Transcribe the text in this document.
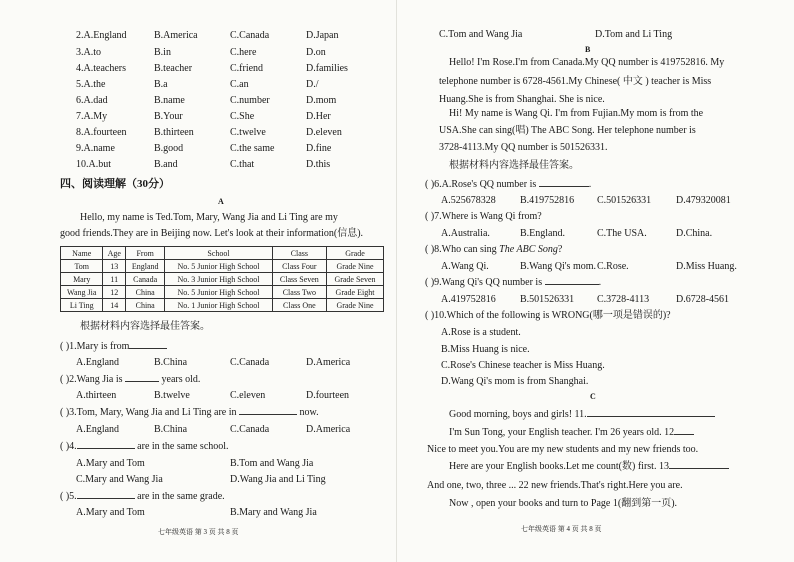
2.A.England	B.America	C.Canada	D.Japan
3.A.to	B.in	C.here	D.on
4.A.teachers	B.teacher	C.friend	D.families
5.A.the	B.a	C.an	D./
6.A.dad	B.name	C.number	D.mom
7.A.My	B.Your	C.She	D.Her
8.A.fourteen	B.thirteen	C.twelve	D.eleven
9.A.name	B.good	C.the same	D.fine
10.A.but	B.and	C.that	D.this
四、阅读理解（30分）
A
Hello, my name is Ted.Tom, Mary, Wang Jia and Li Ting are my
good friends.They are in Beijing now. Let's look at their information(信息).
Name	Age	From	School	Class	Grade
Tom	13	England	No. 5 Junior High School	Class Four	Grade Nine
Mary	11	Canada	No. 3 Junior High School	Class Seven	Grade Seven
Wang Jia	12	China	No. 5 Junior High School	Class Two	Grade Eight
Li Ting	14	China	No. 1 Junior High School	Class One	Grade Nine
根据材料内容选择最佳答案。
( )1.Mary is from
A.England	B.China	C.Canada	D.America
( )2.Wang Jia is	years old.
A.thirteen	B.twelve	C.eleven	D.fourteen
( )3.Tom, Mary, Wang Jia and Li Ting are in	now.
A.England	B.China	C.Canada	D.America
( )4.	are in the same school.
A.Mary and Tom	B.Tom and Wang Jia
C.Mary and Wang Jia	D.Wang Jia and Li Ting
( )5.	are in the same grade.
A.Mary and Tom	B.Mary and Wang Jia
七年级英语 第 3 页 共 8 页
C.Tom and Wang Jia	D.Tom and Li Ting
B
Hello! I'm Rose.I'm from Canada.My QQ number is 419752816. My
telephone number is 6728-4561.My Chinese( 中文 ) teacher is Miss
Huang.She is from Shanghai. She is nice.
Hi! My name is Wang Qi. I'm from Fujian.My mom is from the
USA.She can sing(唱) The ABC Song. Her telephone number is
3728-4113.My QQ number is 501526331.
根据材料内容选择最佳答案。
( )6.A.Rose's QQ number is	.
A.525678328 B.419752816 C.501526331 D.479320081
( )7.Where is Wang Qi from?
A.Australia.	B.England.	C.The USA.	D.China.
( )8.Who can sing The ABC Song?
A.Wang Qi.	B.Wang Qi's mom. C.Rose.	D.Miss Huang.
( )9.Wang Qi's QQ number is	.
A.419752816 B.501526331 C.3728-4113	D.6728-4561
( )10.Which of the following is WRONG(哪一项是错误的)?
A.Rose is a student.
B.Miss Huang is nice.
C.Rose's Chinese teacher is Miss Huang.
D.Wang Qi's mom is from Shanghai.
C
Good morning, boys and girls! 11.
I'm Sun Tong, your English teacher. I'm 26 years old. 12
Nice to meet you.You are my new students and my new friends too.
Here are your English books.Let me count(数) first. 13
And one, two, three ... 22 new friends.That's right.Here you are.
Now , open your books and turn to Page 1(翻到第一页).
七年级英语 第 4 页 共 8 页
